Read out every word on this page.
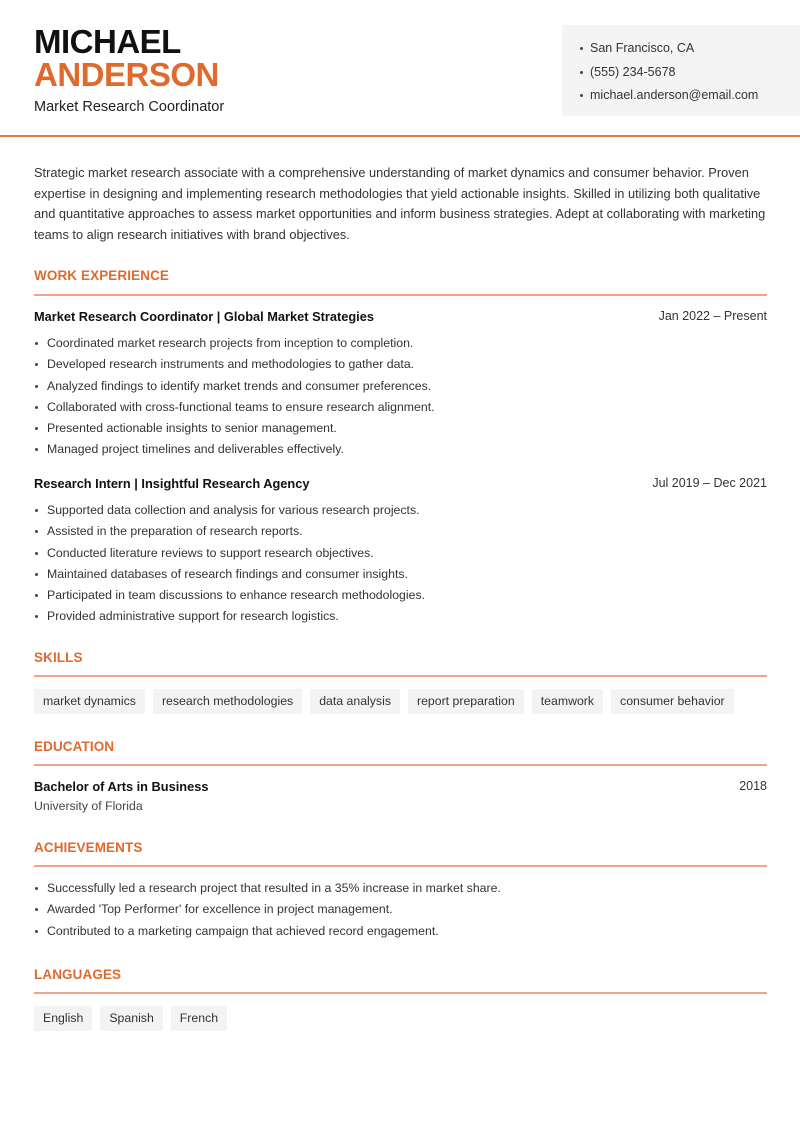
MICHAEL
ANDERSON
Market Research Coordinator
San Francisco, CA
(555) 234-5678
michael.anderson@email.com

Strategic market research associate with a comprehensive understanding of market dynamics and consumer behavior. Proven expertise in designing and implementing research methodologies that yield actionable insights. Skilled in utilizing both qualitative and quantitative approaches to assess market opportunities and inform business strategies. Adept at collaborating with marketing teams to align research initiatives with brand objectives.

WORK EXPERIENCE
Market Research Coordinator | Global Market Strategies	Jan 2022 – Present
Coordinated market research projects from inception to completion.
Developed research instruments and methodologies to gather data.
Analyzed findings to identify market trends and consumer preferences.
Collaborated with cross-functional teams to ensure research alignment.
Presented actionable insights to senior management.
Managed project timelines and deliverables effectively.
Research Intern | Insightful Research Agency	Jul 2019 – Dec 2021
Supported data collection and analysis for various research projects.
Assisted in the preparation of research reports.
Conducted literature reviews to support research objectives.
Maintained databases of research findings and consumer insights.
Participated in team discussions to enhance research methodologies.
Provided administrative support for research logistics.
SKILLS
market dynamics	research methodologies	data analysis	report preparation	teamwork	consumer behavior
EDUCATION
Bachelor of Arts in Business	2018
University of Florida
ACHIEVEMENTS
Successfully led a research project that resulted in a 35% increase in market share.
Awarded 'Top Performer' for excellence in project management.
Contributed to a marketing campaign that achieved record engagement.
LANGUAGES
English	Spanish	French
